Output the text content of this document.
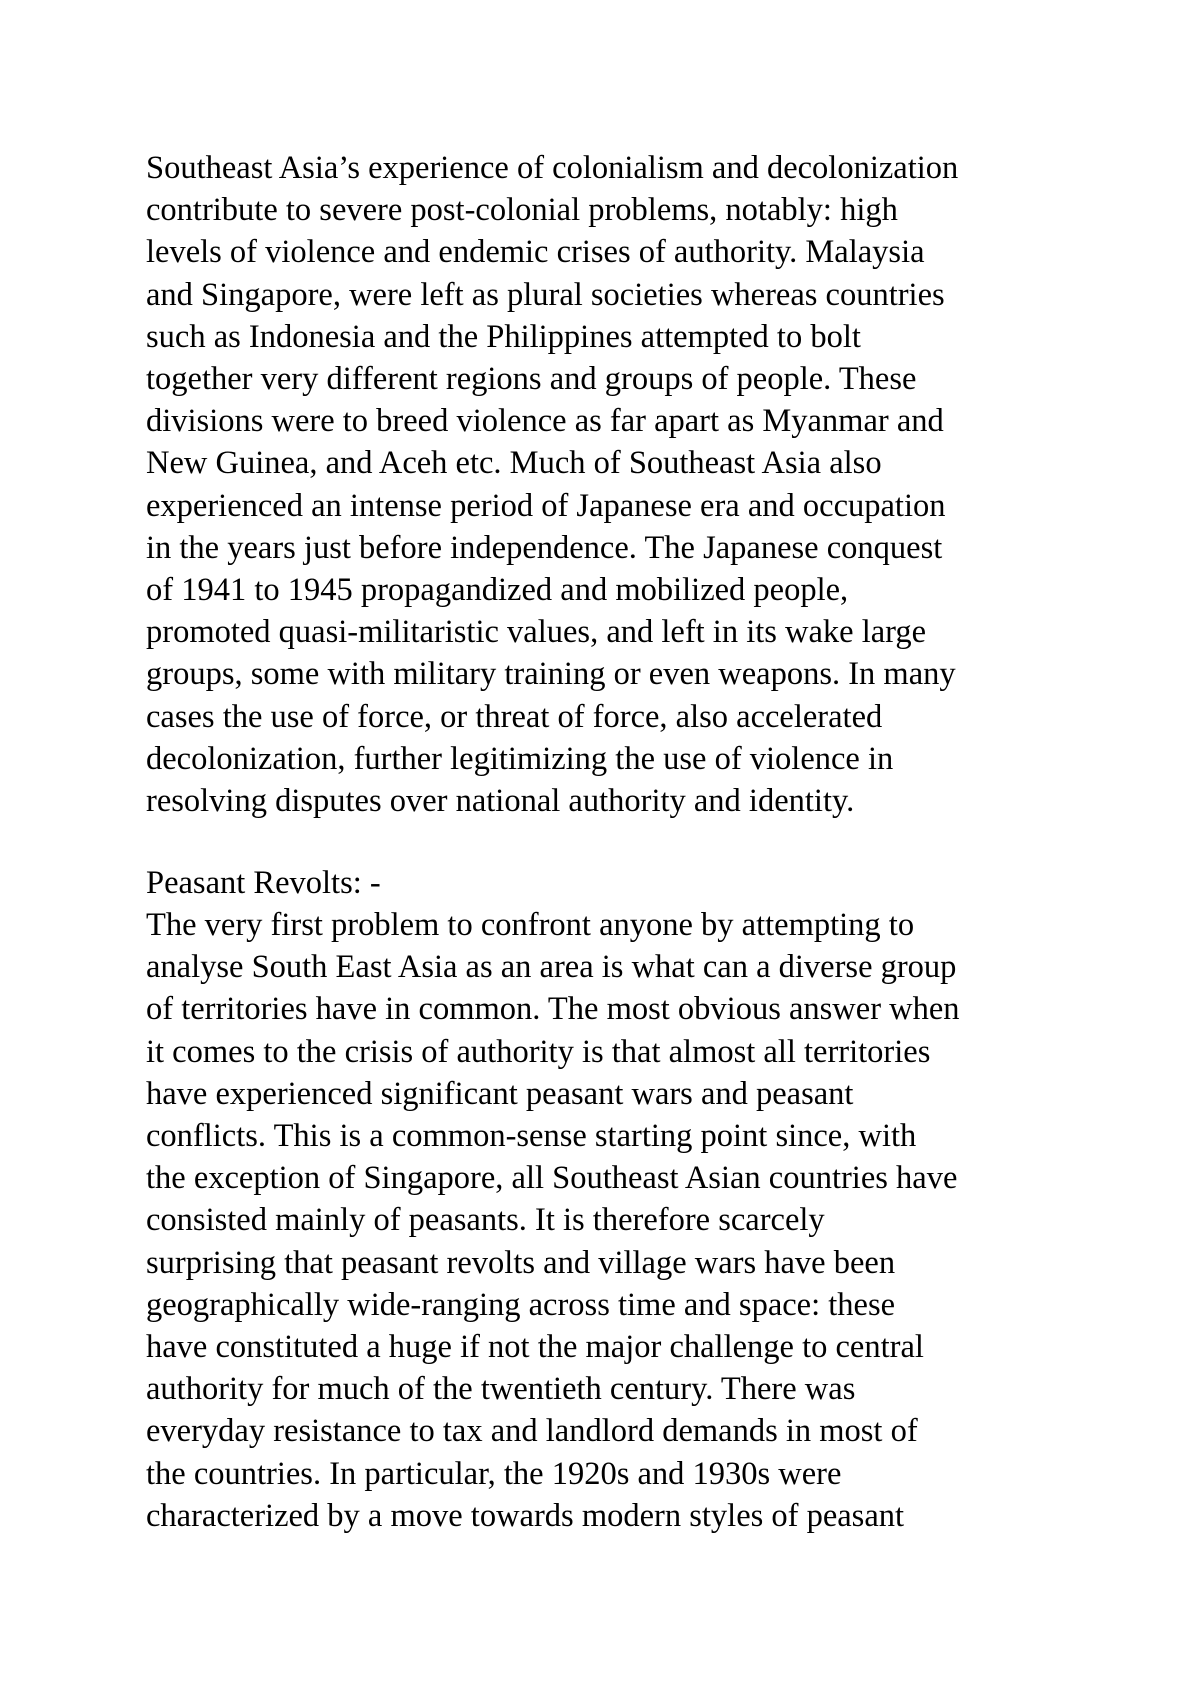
Southeast Asia’s experience of colonialism and decolonization
contribute to severe post-colonial problems, notably: high
levels of violence and endemic crises of authority. Malaysia
and Singapore, were left as plural societies whereas countries
such as Indonesia and the Philippines attempted to bolt
together very different regions and groups of people. These
divisions were to breed violence as far apart as Myanmar and
New Guinea, and Aceh etc. Much of Southeast Asia also
experienced an intense period of Japanese era and occupation
in the years just before independence. The Japanese conquest
of 1941 to 1945 propagandized and mobilized people,
promoted quasi-militaristic values, and left in its wake large
groups, some with military training or even weapons. In many
cases the use of force, or threat of force, also accelerated
decolonization, further legitimizing the use of violence in
resolving disputes over national authority and identity.
Peasant Revolts: -
The very first problem to confront anyone by attempting to
analyse South East Asia as an area is what can a diverse group
of territories have in common. The most obvious answer when
it comes to the crisis of authority is that almost all territories
have experienced significant peasant wars and peasant
conflicts. This is a common-sense starting point since, with
the exception of Singapore, all Southeast Asian countries have
consisted mainly of peasants. It is therefore scarcely
surprising that peasant revolts and village wars have been
geographically wide-ranging across time and space: these
have constituted a huge if not the major challenge to central
authority for much of the twentieth century. There was
everyday resistance to tax and landlord demands in most of
the countries. In particular, the 1920s and 1930s were
characterized by a move towards modern styles of peasant
